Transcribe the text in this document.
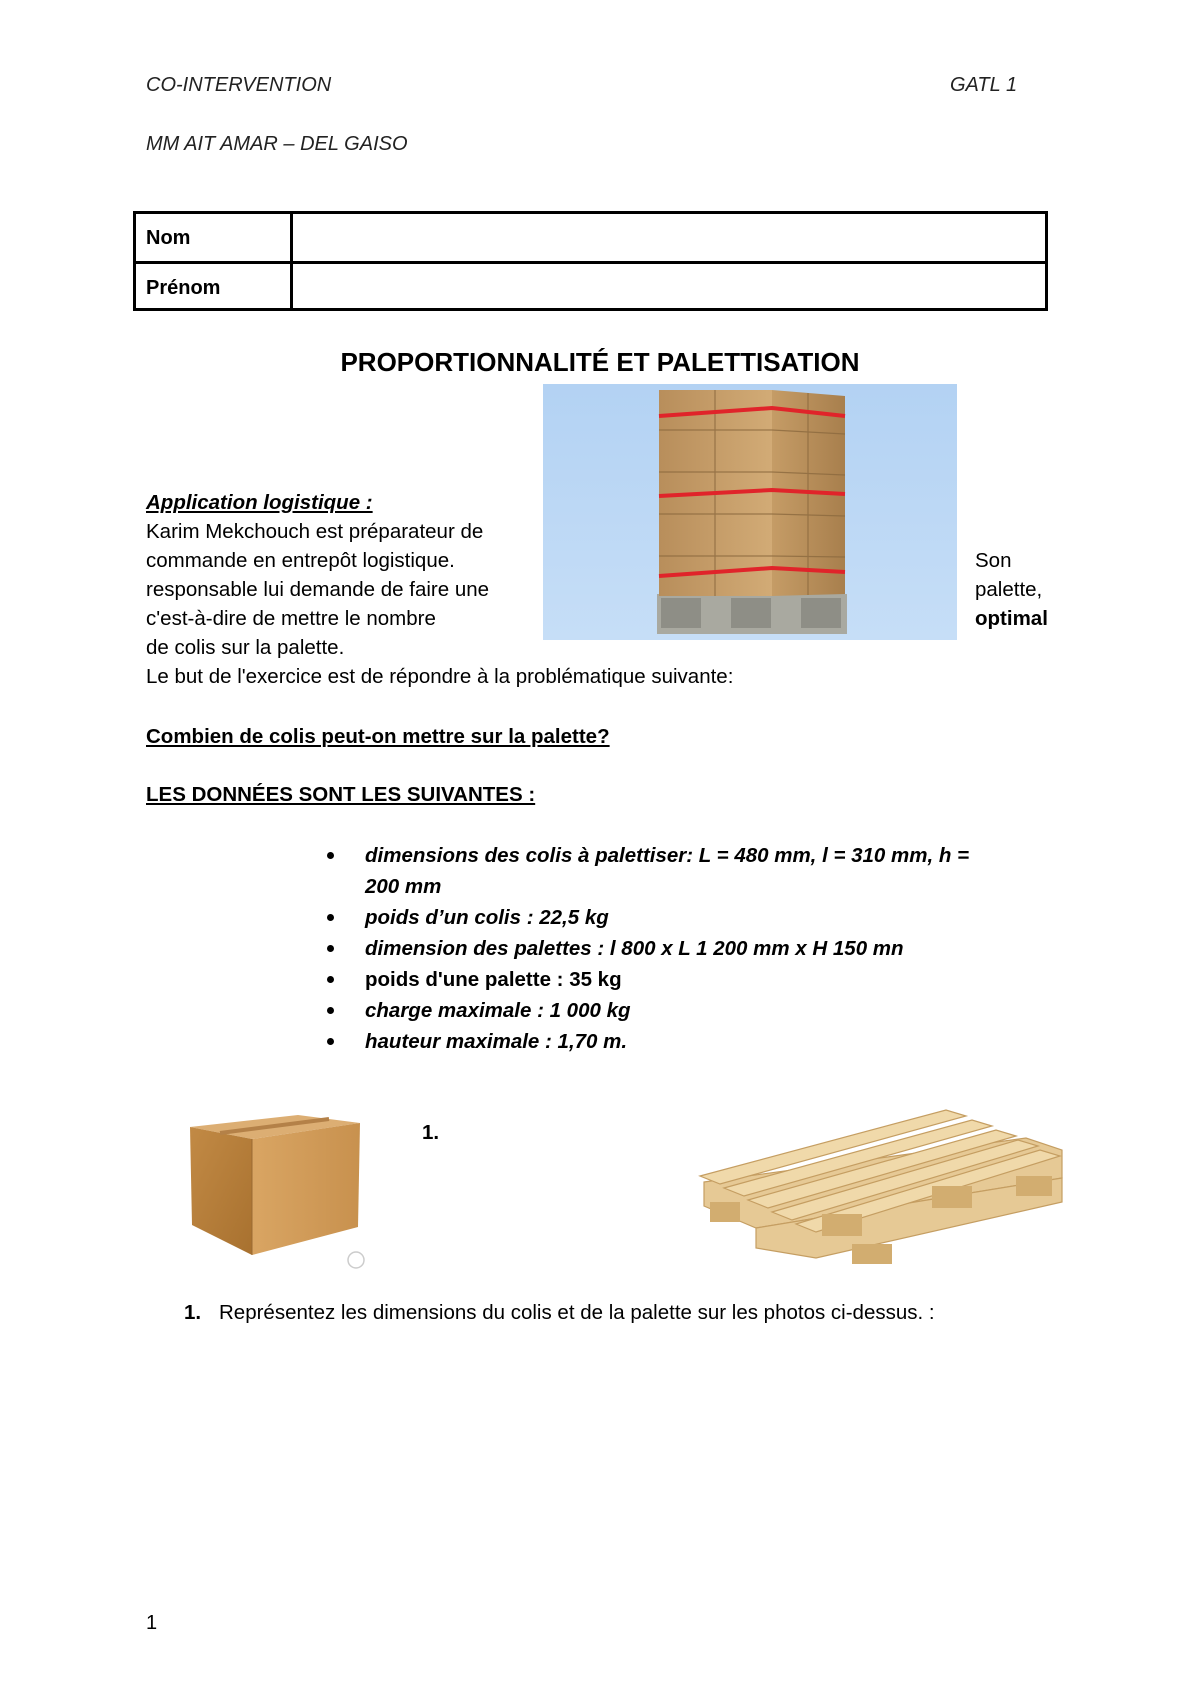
CO-INTERVENTION	GATL 1
MM AIT AMAR – DEL GAISO
Nom
Prénom
PROPORTIONNALITÉ ET PALETTISATION
Application logistique :
Karim Mekchouch est préparateur de
commande en entrepôt logistique.
responsable lui demande de faire une
c'est-à-dire de mettre le nombre
de colis sur la palette.
Le but de l'exercice est de répondre à la problématique suivante:
Son
palette,
optimal
Combien de colis peut-on mettre sur la palette?
LES DONNÉES SONT LES SUIVANTES :
dimensions des colis à palettiser: L = 480 mm, l = 310 mm, h =
200 mm
poids d’un colis : 22,5 kg
dimension des palettes : l 800 x L 1 200 mm x H 150 mn
poids d'une palette : 35 kg
charge maximale : 1 000 kg
hauteur maximale : 1,70 m.
1.
1. Représentez les dimensions du colis et de la palette sur les photos ci-dessus. :
1
